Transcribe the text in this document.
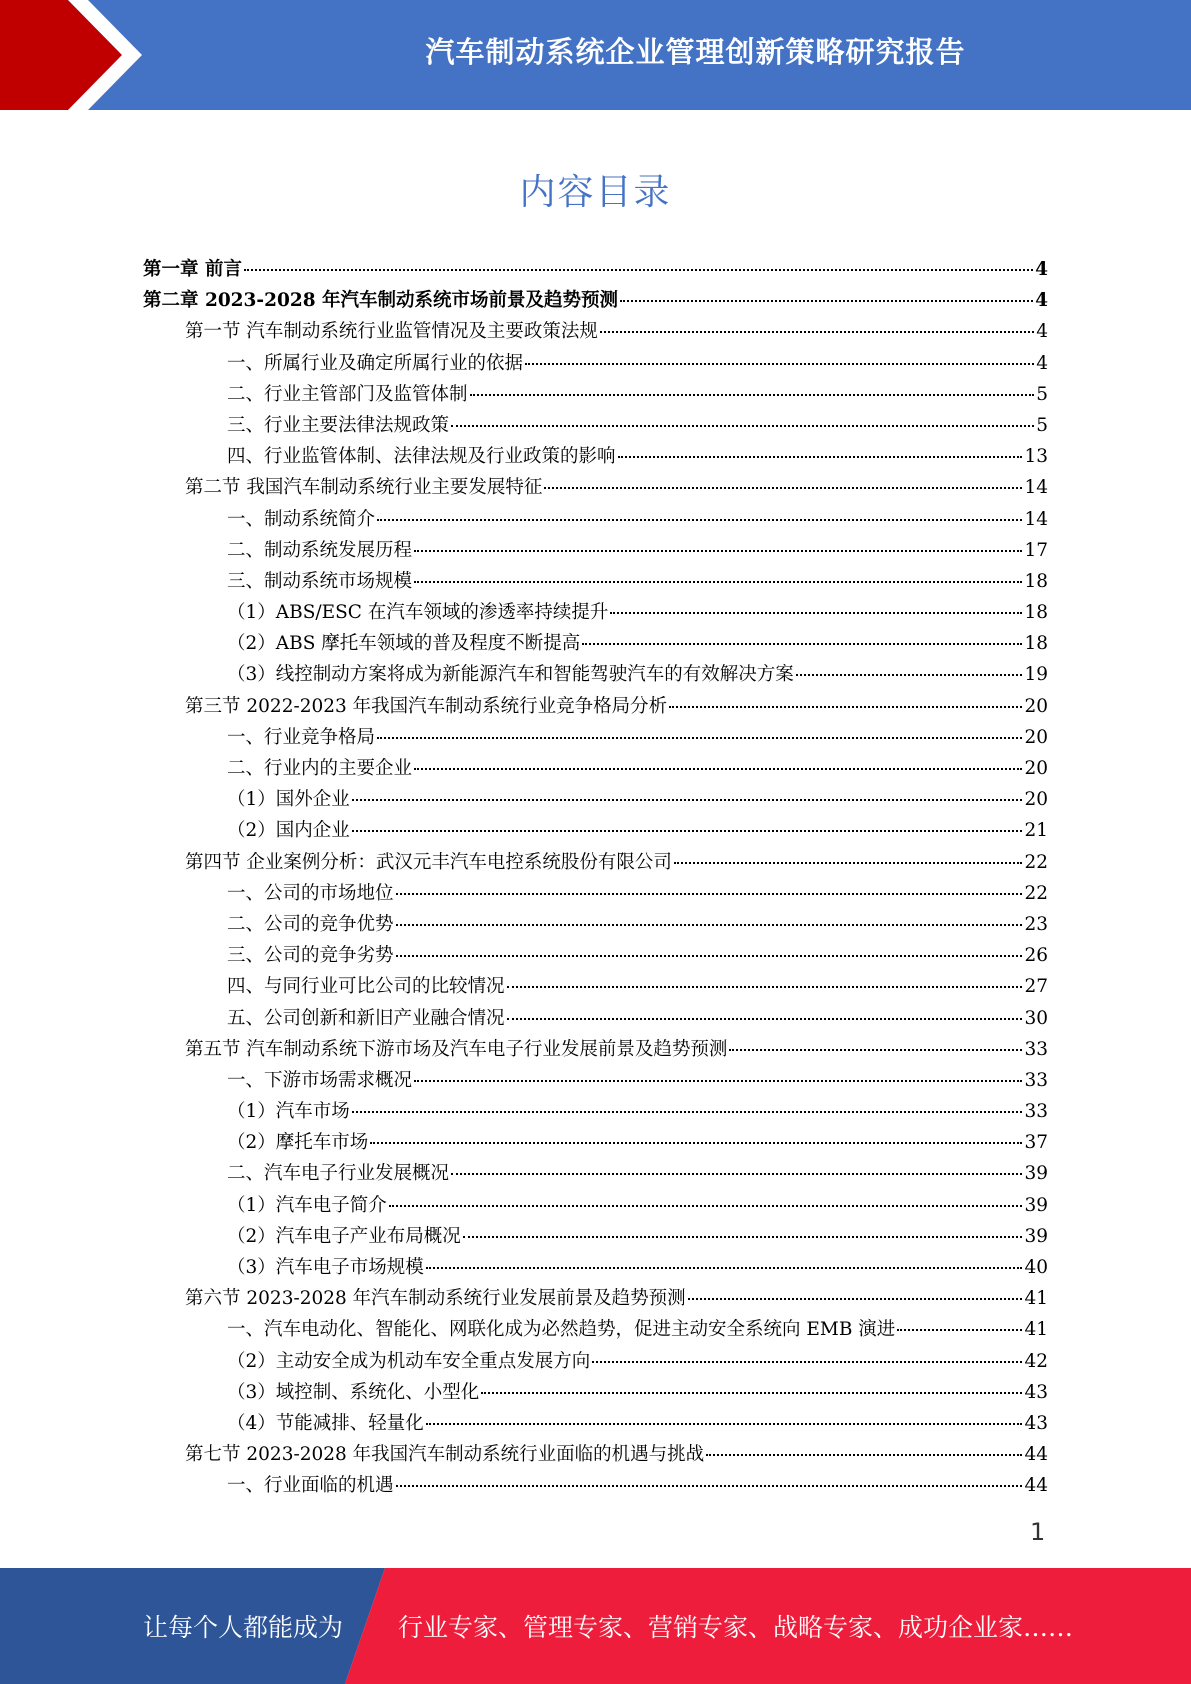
汽车制动系统企业管理创新策略研究报告
内容目录
第一章 前言	4
第二章 2023-2028 年汽车制动系统市场前景及趋势预测	4
第一节 汽车制动系统行业监管情况及主要政策法规	4
一、所属行业及确定所属行业的依据	4
二、行业主管部门及监管体制	5
三、行业主要法律法规政策	5
四、行业监管体制、法律法规及行业政策的影响	13
第二节 我国汽车制动系统行业主要发展特征	14
一、制动系统简介	14
二、制动系统发展历程	17
三、制动系统市场规模	18
（1）ABS/ESC 在汽车领域的渗透率持续提升	18
（2）ABS 摩托车领域的普及程度不断提高	18
（3）线控制动方案将成为新能源汽车和智能驾驶汽车的有效解决方案	19
第三节 2022-2023 年我国汽车制动系统行业竞争格局分析	20
一、行业竞争格局	20
二、行业内的主要企业	20
（1）国外企业	20
（2）国内企业	21
第四节 企业案例分析：武汉元丰汽车电控系统股份有限公司	22
一、公司的市场地位	22
二、公司的竞争优势	23
三、公司的竞争劣势	26
四、与同行业可比公司的比较情况	27
五、公司创新和新旧产业融合情况	30
第五节 汽车制动系统下游市场及汽车电子行业发展前景及趋势预测	33
一、下游市场需求概况	33
（1）汽车市场	33
（2）摩托车市场	37
二、汽车电子行业发展概况	39
（1）汽车电子简介	39
（2）汽车电子产业布局概况	39
（3）汽车电子市场规模	40
第六节 2023-2028 年汽车制动系统行业发展前景及趋势预测	41
一、汽车电动化、智能化、网联化成为必然趋势，促进主动安全系统向 EMB 演进	41
（2）主动安全成为机动车安全重点发展方向	42
（3）域控制、系统化、小型化	43
（4）节能减排、轻量化	43
第七节 2023-2028 年我国汽车制动系统行业面临的机遇与挑战	44
一、行业面临的机遇	44
1
让每个人都能成为 行业专家、管理专家、营销专家、战略专家、成功企业家……
